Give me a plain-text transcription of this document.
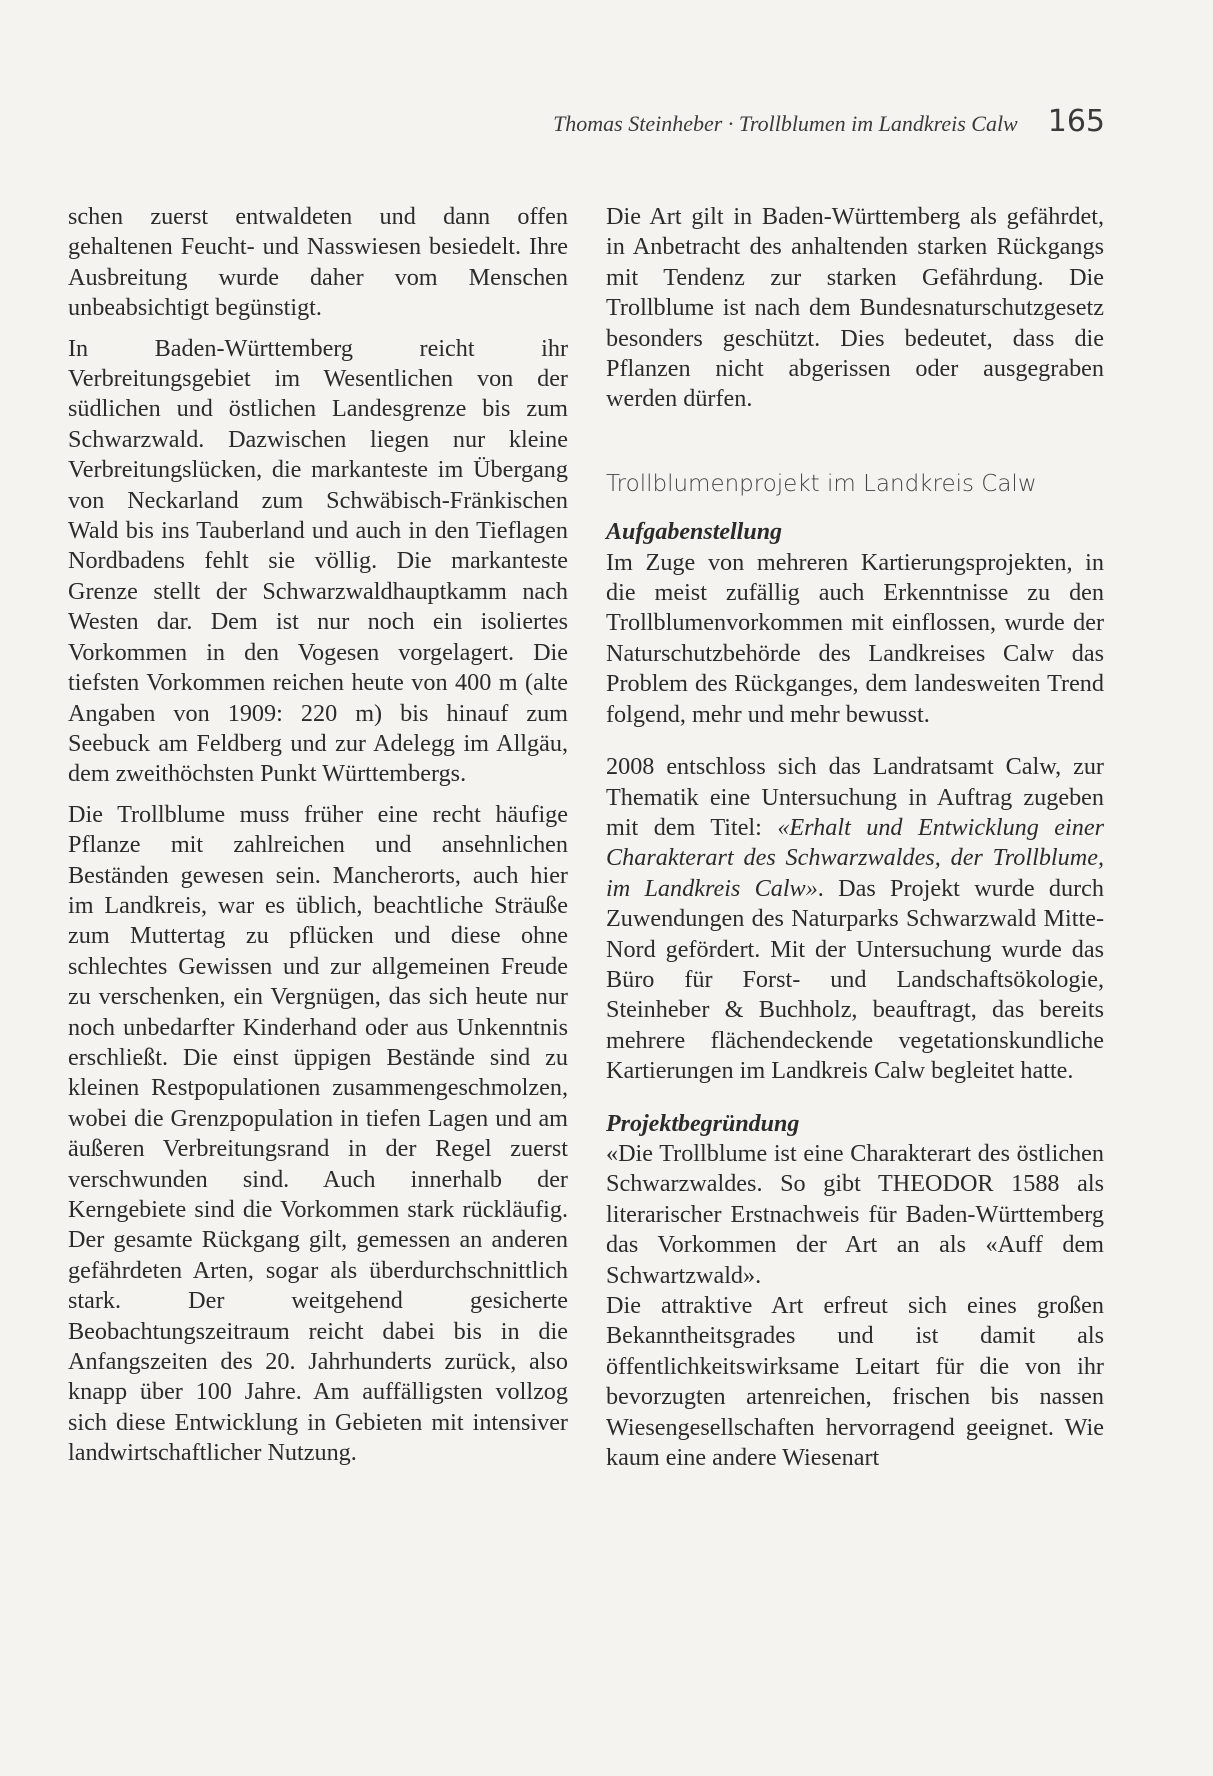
Thomas Steinheber · Trollblumen im Landkreis Calw 165

schen zuerst entwaldeten und dann offen gehaltenen Feucht- und Nasswiesen besiedelt. Ihre Ausbreitung wurde daher vom Menschen unbeabsichtigt begünstigt.

In Baden-Württemberg reicht ihr Verbreitungsgebiet im Wesentlichen von der südlichen und östlichen Landesgrenze bis zum Schwarzwald. Dazwischen liegen nur kleine Verbreitungslücken, die markanteste im Übergang von Neckarland zum Schwäbisch-Fränkischen Wald bis ins Tauberland und auch in den Tieflagen Nordbadens fehlt sie völlig. Die markanteste Grenze stellt der Schwarzwaldhauptkamm nach Westen dar. Dem ist nur noch ein isoliertes Vorkommen in den Vogesen vorgelagert. Die tiefsten Vorkommen reichen heute von 400 m (alte Angaben von 1909: 220 m) bis hinauf zum Seebuck am Feldberg und zur Adelegg im Allgäu, dem zweithöchsten Punkt Württembergs.

Die Trollblume muss früher eine recht häufige Pflanze mit zahlreichen und ansehnlichen Beständen gewesen sein. Mancherorts, auch hier im Landkreis, war es üblich, beachtliche Sträuße zum Muttertag zu pflücken und diese ohne schlechtes Gewissen und zur allgemeinen Freude zu verschenken, ein Vergnügen, das sich heute nur noch unbedarfter Kinderhand oder aus Unkenntnis erschließt. Die einst üppigen Bestände sind zu kleinen Restpopulationen zusammengeschmolzen, wobei die Grenzpopulation in tiefen Lagen und am äußeren Verbreitungsrand in der Regel zuerst verschwunden sind. Auch innerhalb der Kerngebiete sind die Vorkommen stark rückläufig. Der gesamte Rückgang gilt, gemessen an anderen gefährdeten Arten, sogar als überdurchschnittlich stark. Der weitgehend gesicherte Beobachtungszeitraum reicht dabei bis in die Anfangszeiten des 20. Jahrhunderts zurück, also knapp über 100 Jahre. Am auffälligsten vollzog sich diese Entwicklung in Gebieten mit intensiver landwirtschaftlicher Nutzung.

Die Art gilt in Baden-Württemberg als gefährdet, in Anbetracht des anhaltenden starken Rückgangs mit Tendenz zur starken Gefährdung. Die Trollblume ist nach dem Bundesnaturschutzgesetz besonders geschützt. Dies bedeutet, dass die Pflanzen nicht abgerissen oder ausgegraben werden dürfen.

Trollblumenprojekt im Landkreis Calw

Aufgabenstellung

Im Zuge von mehreren Kartierungsprojekten, in die meist zufällig auch Erkenntnisse zu den Trollblumenvorkommen mit einflossen, wurde der Naturschutzbehörde des Landkreises Calw das Problem des Rückganges, dem landesweiten Trend folgend, mehr und mehr bewusst.

2008 entschloss sich das Landratsamt Calw, zur Thematik eine Untersuchung in Auftrag zugeben mit dem Titel: «Erhalt und Entwicklung einer Charakterart des Schwarzwaldes, der Trollblume, im Landkreis Calw». Das Projekt wurde durch Zuwendungen des Naturparks Schwarzwald Mitte-Nord gefördert. Mit der Untersuchung wurde das Büro für Forst- und Landschaftsökologie, Steinheber & Buchholz, beauftragt, das bereits mehrere flächendeckende vegetationskundliche Kartierungen im Landkreis Calw begleitet hatte.

Projektbegründung

«Die Trollblume ist eine Charakterart des östlichen Schwarzwaldes. So gibt THEODOR 1588 als literarischer Erstnachweis für Baden-Württemberg das Vorkommen der Art an als «Auff dem Schwartzwald».

Die attraktive Art erfreut sich eines großen Bekanntheitsgrades und ist damit als öffentlichkeitswirksame Leitart für die von ihr bevorzugten artenreichen, frischen bis nassen Wiesengesellschaften hervorragend geeignet. Wie kaum eine andere Wiesenart
